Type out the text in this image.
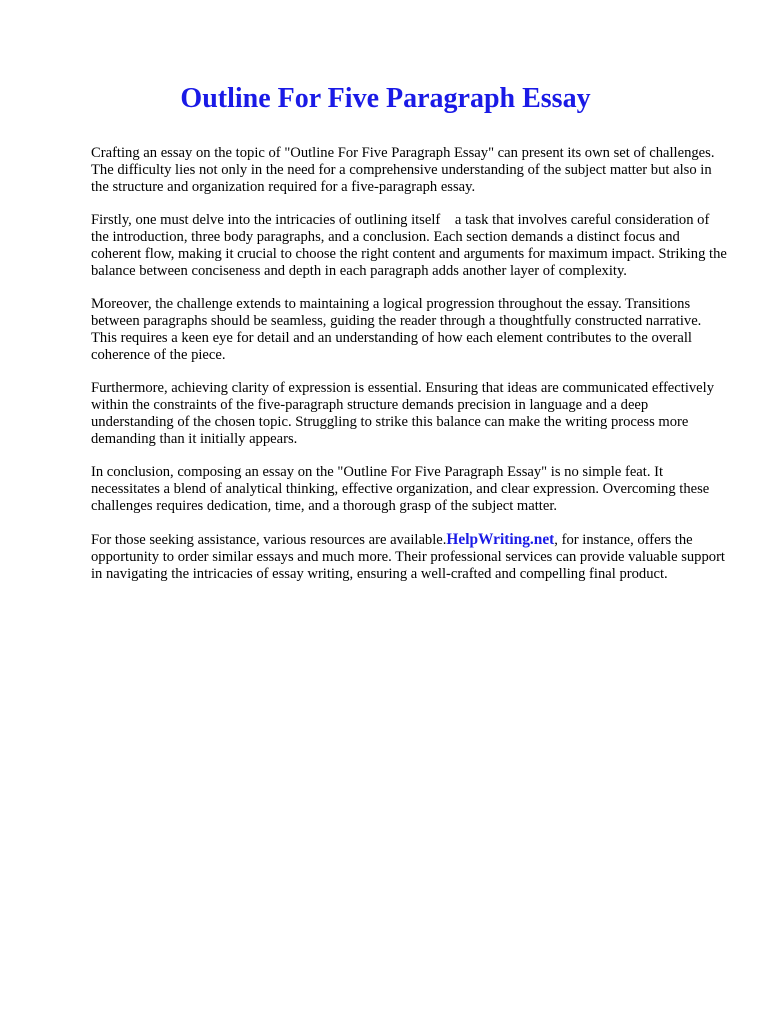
Outline For Five Paragraph Essay

Crafting an essay on the topic of "Outline For Five Paragraph Essay" can present its own set of challenges. The difficulty lies not only in the need for a comprehensive understanding of the subject matter but also in the structure and organization required for a five-paragraph essay.

Firstly, one must delve into the intricacies of outlining itself    a task that involves careful consideration of the introduction, three body paragraphs, and a conclusion. Each section demands a distinct focus and coherent flow, making it crucial to choose the right content and arguments for maximum impact. Striking the balance between conciseness and depth in each paragraph adds another layer of complexity.

Moreover, the challenge extends to maintaining a logical progression throughout the essay. Transitions between paragraphs should be seamless, guiding the reader through a thoughtfully constructed narrative. This requires a keen eye for detail and an understanding of how each element contributes to the overall coherence of the piece.

Furthermore, achieving clarity of expression is essential. Ensuring that ideas are communicated effectively within the constraints of the five-paragraph structure demands precision in language and a deep understanding of the chosen topic. Struggling to strike this balance can make the writing process more demanding than it initially appears.

In conclusion, composing an essay on the "Outline For Five Paragraph Essay" is no simple feat. It necessitates a blend of analytical thinking, effective organization, and clear expression. Overcoming these challenges requires dedication, time, and a thorough grasp of the subject matter.

For those seeking assistance, various resources are available.HelpWriting.net, for instance, offers the opportunity to order similar essays and much more. Their professional services can provide valuable support in navigating the intricacies of essay writing, ensuring a well-crafted and compelling final product.
